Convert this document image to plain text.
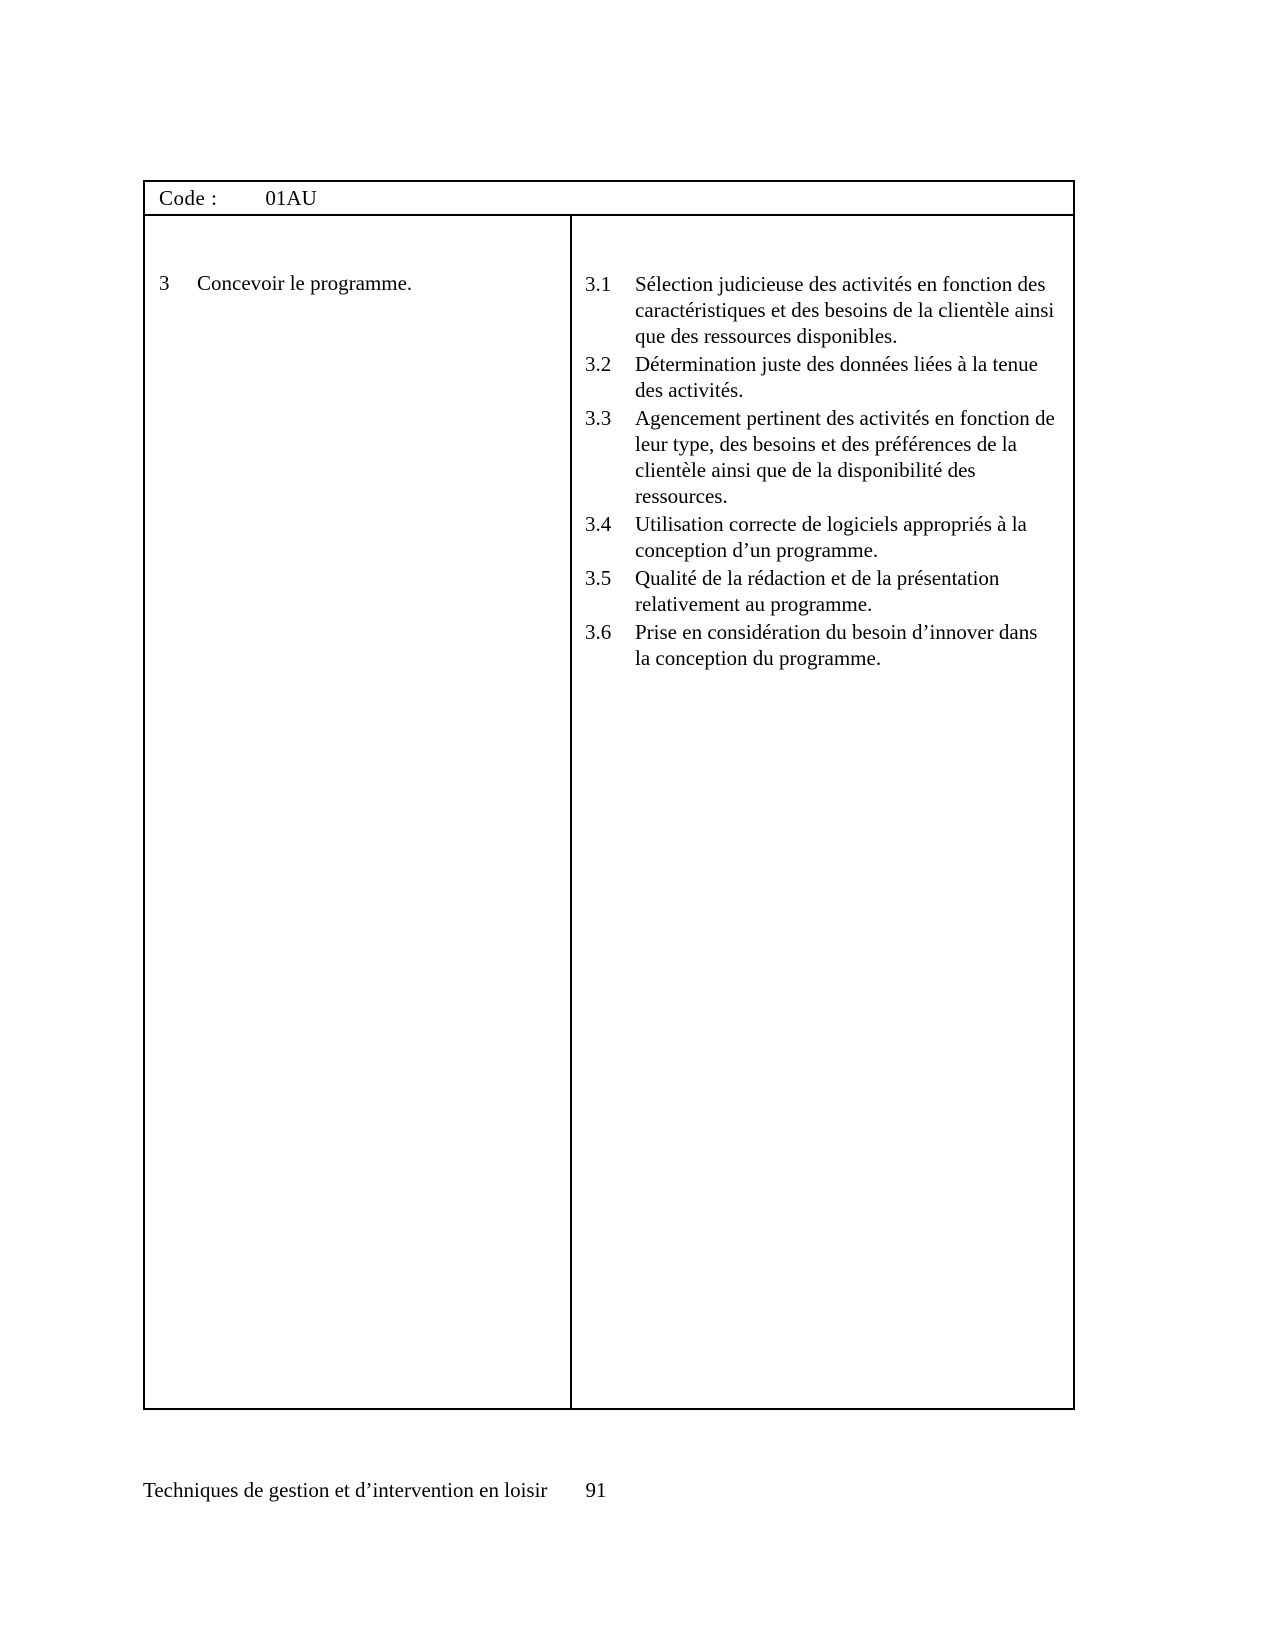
Code : 01AU
3	Concevoir le programme.	3.1	Sélection judicieuse des activités en fonction des caractéristiques et des besoins de la clientèle ainsi que des ressources disponibles.
3.2	Détermination juste des données liées à la tenue des activités.
3.3	Agencement pertinent des activités en fonction de leur type, des besoins et des préférences de la clientèle ainsi que de la disponibilité des ressources.
3.4	Utilisation correcte de logiciels appropriés à la conception d’un programme.
3.5	Qualité de la rédaction et de la présentation relativement au programme.
3.6	Prise en considération du besoin d’innover dans la conception du programme.
Techniques de gestion et d’intervention en loisir 91
